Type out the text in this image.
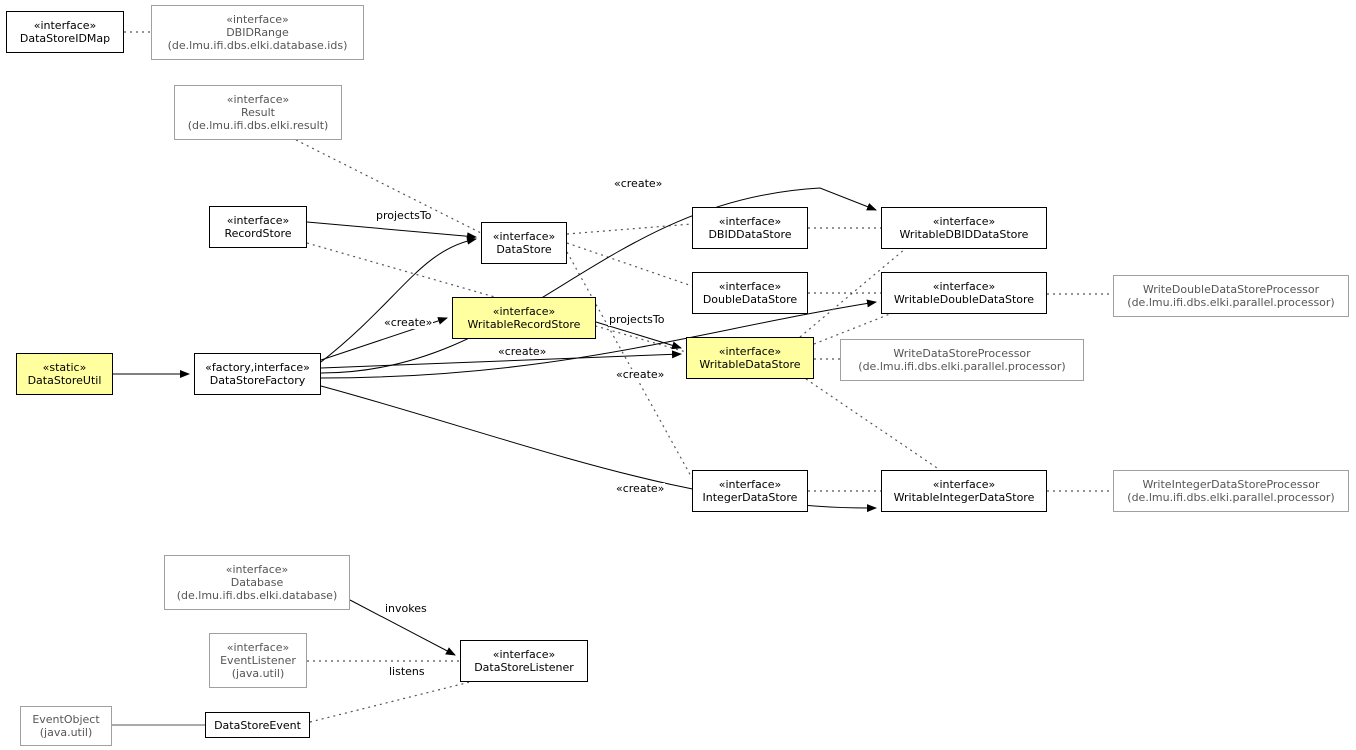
«interface»
DataStoreIDMap
«interface»
DBIDRange
(de.lmu.ifi.dbs.elki.database.ids)
«interface»
Result
(de.lmu.ifi.dbs.elki.result)
«interface»
RecordStore	«interface»
DataStore
«interface»
DBIDDataStore
«interface»
WritableDBIDDataStore
«interface»
DoubleDataStore
«interface»
WritableDoubleDataStore
WriteDoubleDataStoreProcessor
(de.lmu.ifi.dbs.elki.parallel.processor)
«interface»
WritableRecordStore
«interface»
WritableDataStore
WriteDataStoreProcessor
(de.lmu.ifi.dbs.elki.parallel.processor)
«static»
DataStoreUtil
«factory,interface»
DataStoreFactory
«interface»
IntegerDataStore
«interface»
WritableIntegerDataStore
WriteIntegerDataStoreProcessor
(de.lmu.ifi.dbs.elki.parallel.processor)
«interface»
Database
(de.lmu.ifi.dbs.elki.database)
«interface»
EventListener
(java.util)
«interface»
DataStoreListener
EventObject
(java.util)
DataStoreEvent
«create»
projectsTo
«create»	projectsTo
«create»
«create»
«create»
invokes
listens
